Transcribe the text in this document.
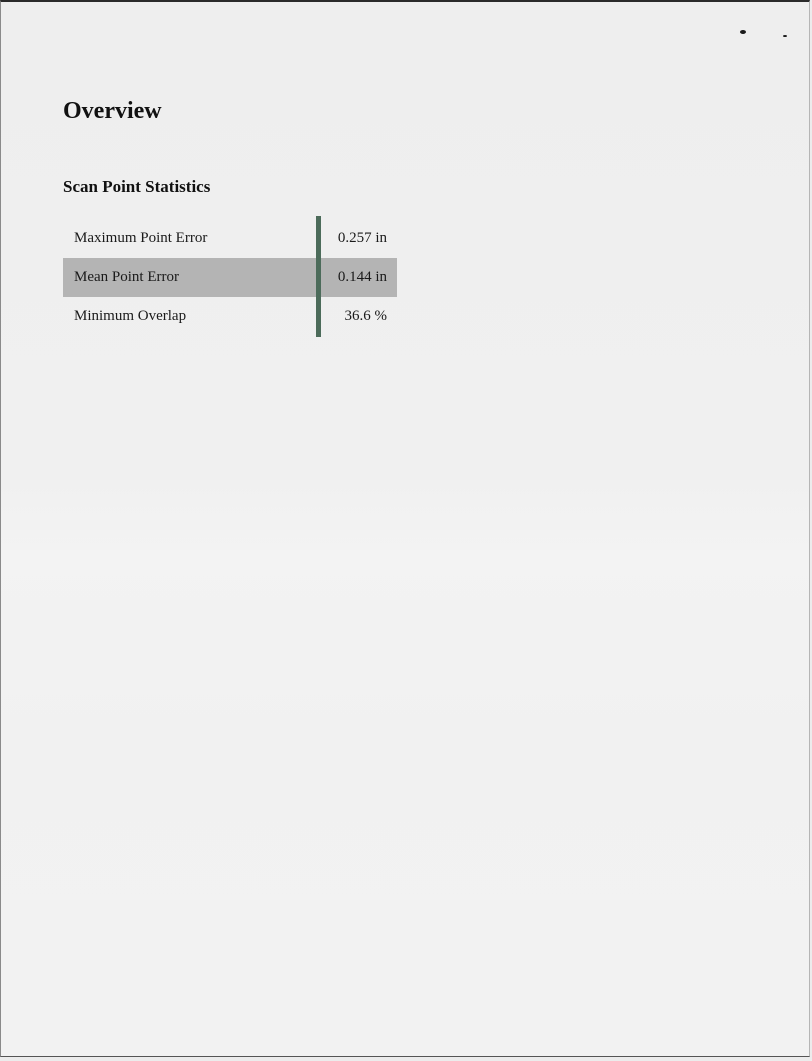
Overview
Scan Point Statistics
Maximum Point Error	0.257 in
Mean Point Error	0.144 in
Minimum Overlap	36.6 %
